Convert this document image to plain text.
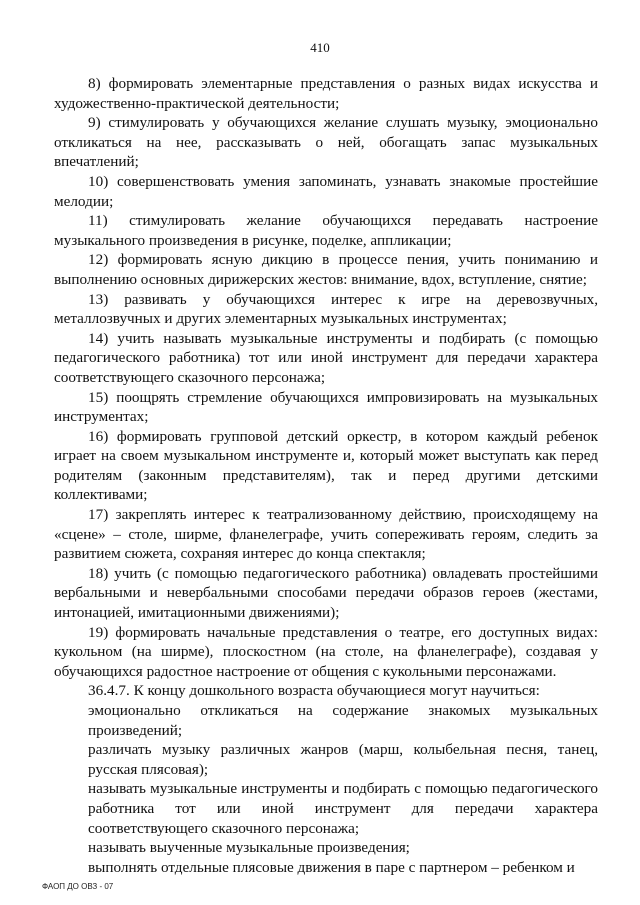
410

8) формировать элементарные представления о разных видах искусства и художественно-практической деятельности;

9) стимулировать у обучающихся желание слушать музыку, эмоционально откликаться на нее, рассказывать о ней, обогащать запас музыкальных впечатлений;

10) совершенствовать умения запоминать, узнавать знакомые простейшие мелодии;

11) стимулировать желание обучающихся передавать настроение музыкального произведения в рисунке, поделке, аппликации;

12) формировать ясную дикцию в процессе пения, учить пониманию и выполнению основных дирижерских жестов: внимание, вдох, вступление, снятие;

13) развивать у обучающихся интерес к игре на деревозвучных, металлозвучных и других элементарных музыкальных инструментах;

14) учить называть музыкальные инструменты и подбирать (с помощью педагогического работника) тот или иной инструмент для передачи характера соответствующего сказочного персонажа;

15) поощрять стремление обучающихся импровизировать на музыкальных инструментах;

16) формировать групповой детский оркестр, в котором каждый ребенок играет на своем музыкальном инструменте и, который может выступать как перед родителям (законным представителям), так и перед другими детскими коллективами;

17) закреплять интерес к театрализованному действию, происходящему на «сцене» – столе, ширме, фланелеграфе, учить сопереживать героям, следить за развитием сюжета, сохраняя интерес до конца спектакля;

18) учить (с помощью педагогического работника) овладевать простейшими вербальными и невербальными способами передачи образов героев (жестами, интонацией, имитационными движениями);

19) формировать начальные представления о театре, его доступных видах: кукольном (на ширме), плоскостном (на столе, на фланелеграфе), создавая у обучающихся радостное настроение от общения с кукольными персонажами.

36.4.7. К концу дошкольного возраста обучающиеся могут научиться:

эмоционально откликаться на содержание знакомых музыкальных произведений;

различать музыку различных жанров (марш, колыбельная песня, танец, русская плясовая);

называть музыкальные инструменты и подбирать с помощью педагогического работника тот или иной инструмент для передачи характера соответствующего сказочного персонажа;

называть выученные музыкальные произведения;

выполнять отдельные плясовые движения в паре с партнером – ребенком и

ФАОП ДО ОВЗ - 07
